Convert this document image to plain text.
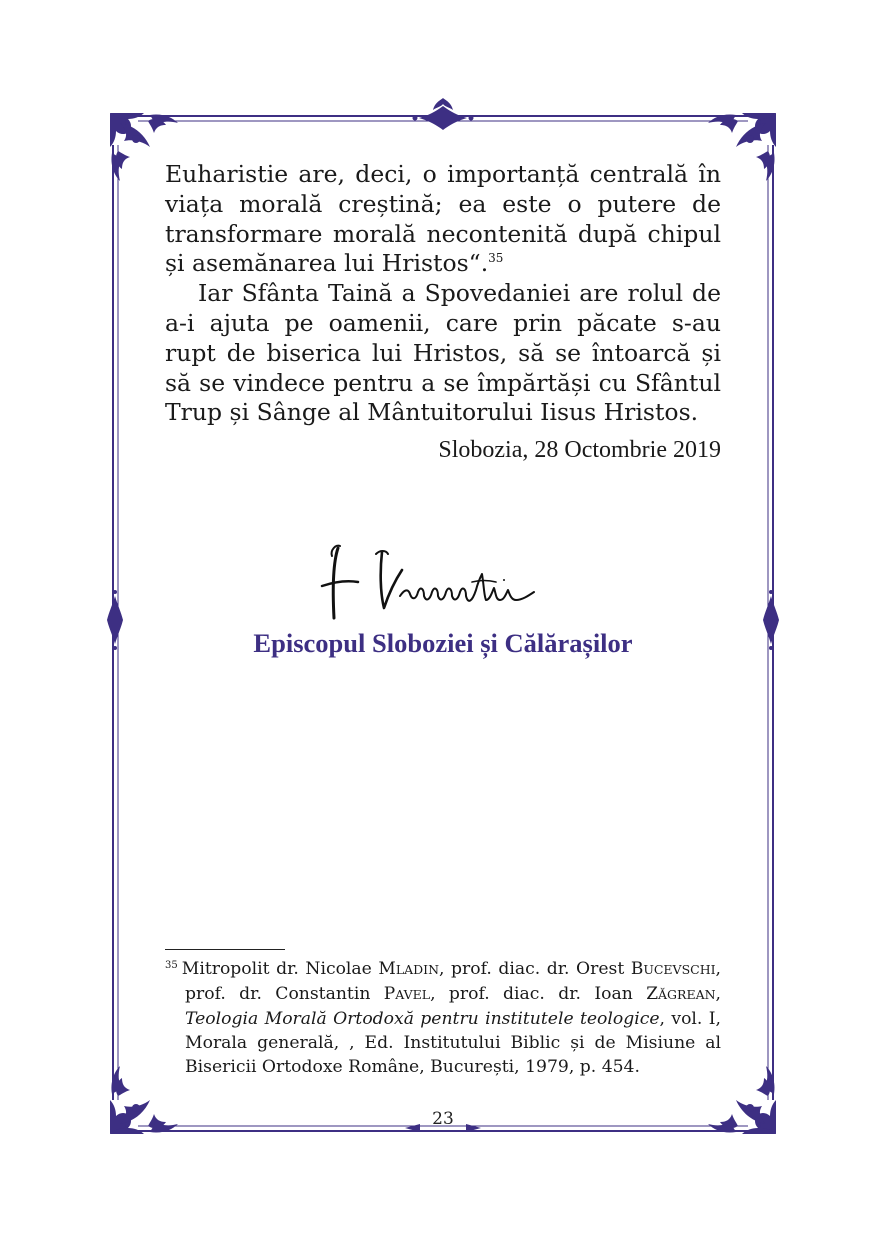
Euharistie are, deci, o importanță centrală în viața morală creștină; ea este o putere de transformare morală necontenită după chipul și asemănarea lui Hristos“.$^{35}$

Iar Sfânta Taină a Spovedaniei are rolul de a-i ajuta pe oamenii, care prin păcate s-au rupt de biserica lui Hristos, să se întoarcă și să se vindece pentru a se împărtăși cu Sfântul Trup și Sânge al Mântuitorului Iisus Hristos.

Slobozia, 28 Octombrie 2019
Episcopul Sloboziei și Călărașilor

$^{35}$ Mitropolit dr. Nicolae MLADIN, prof. diac. dr. Orest BUCEVSCHI, prof. dr. Constantin PAVEL, prof. diac. dr. Ioan ZĂGREAN, Teologia Morală Ortodoxă pentru institutele teologice, vol. I, Morala generală, , Ed. Institutului Biblic și de Misiune al Bisericii Ortodoxe Române, București, 1979, p. 454.

23
